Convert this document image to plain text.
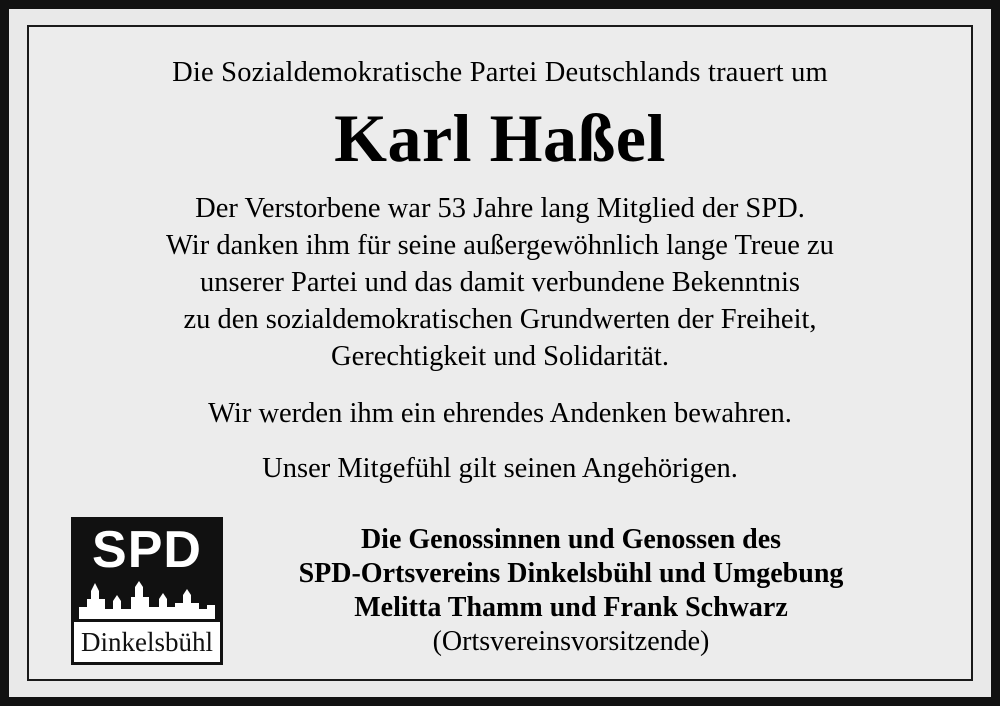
Die Sozialdemokratische Partei Deutschlands trauert um
Karl Haßel
Der Verstorbene war 53 Jahre lang Mitglied der SPD.
Wir danken ihm für seine außergewöhnlich lange Treue zu
unserer Partei und das damit verbundene Bekenntnis
zu den sozialdemokratischen Grundwerten der Freiheit,
Gerechtigkeit und Solidarität.
Wir werden ihm ein ehrendes Andenken bewahren.
Unser Mitgefühl gilt seinen Angehörigen.
SPD
Dinkelsbühl
Die Genossinnen und Genossen des
SPD-Ortsvereins Dinkelsbühl und Umgebung
Melitta Thamm und Frank Schwarz
(Ortsvereinsvorsitzende)
